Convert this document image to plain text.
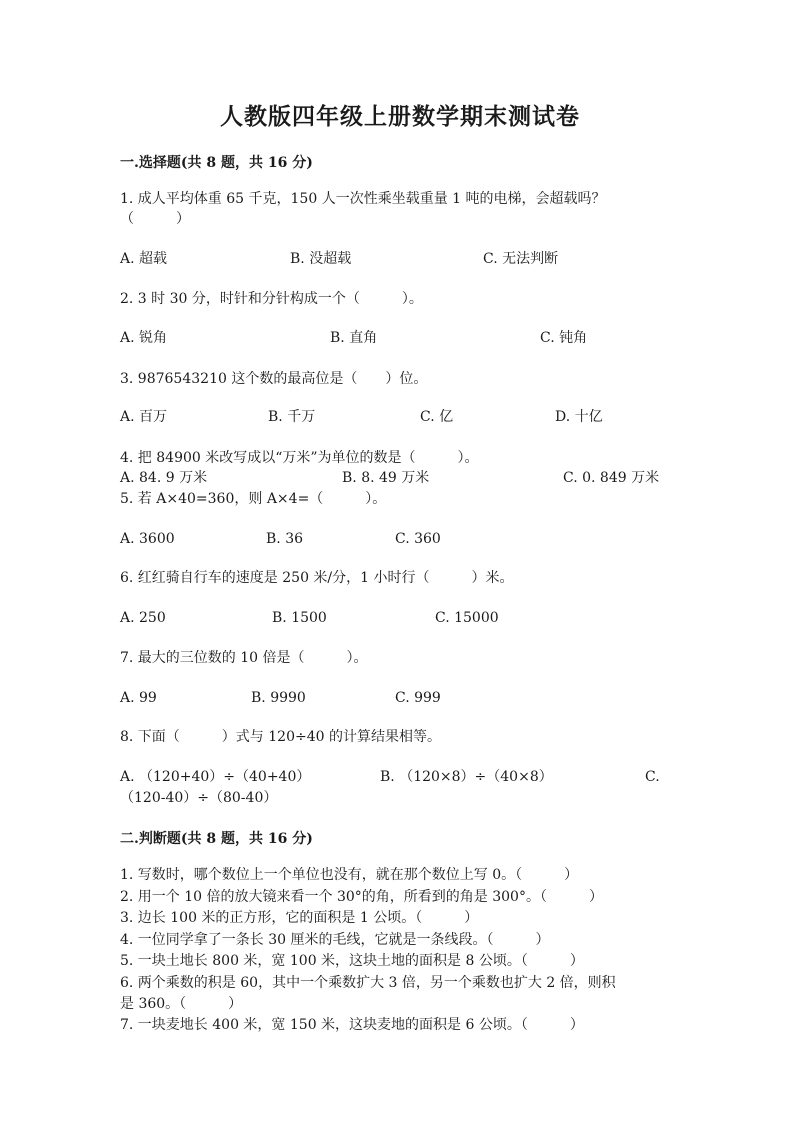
人教版四年级上册数学期末测试卷
一.选择题(共 8 题，共 16 分)
1. 成人平均体重 65 千克，150 人一次性乘坐载重量 1 吨的电梯，会超载吗？
（　　　）
A. 超载	B. 没超载	C. 无法判断
2. 3 时 30 分，时针和分针构成一个（　　　）。
A. 锐角	B. 直角	C. 钝角
3. 9876543210 这个数的最高位是（　　）位。
A. 百万	B. 千万	C. 亿	D. 十亿
4. 把 84900 米改写成以“万米”为单位的数是（　　　）。
A. 84. 9 万米	B. 8. 49 万米	C. 0. 849 万米
5. 若 A×40=360，则 A×4=（　　　）。
A. 3600	B. 36	C. 360
6. 红红骑自行车的速度是 250 米/分，1 小时行（　　　）米。
A. 250	B. 1500	C. 15000
7. 最大的三位数的 10 倍是（　　　）。
A. 99	B. 9990	C. 999
8. 下面（　　　）式与 120÷40 的计算结果相等。
A. （120+40）÷（40+40）	B. （120×8）÷（40×8）	C.
（120-40）÷（80-40）
二.判断题(共 8 题，共 16 分)
1. 写数时，哪个数位上一个单位也没有，就在那个数位上写 0。（　　　）
2. 用一个 10 倍的放大镜来看一个 30°的角，所看到的角是 300°。（　　　）
3. 边长 100 米的正方形，它的面积是 1 公顷。（　　　）
4. 一位同学拿了一条长 30 厘米的毛线，它就是一条线段。（　　　）
5. 一块土地长 800 米，宽 100 米，这块土地的面积是 8 公顷。（　　　）
6. 两个乘数的积是 60，其中一个乘数扩大 3 倍，另一个乘数也扩大 2 倍，则积
是 360。（　　　）
7. 一块麦地长 400 米，宽 150 米，这块麦地的面积是 6 公顷。（　　　）
